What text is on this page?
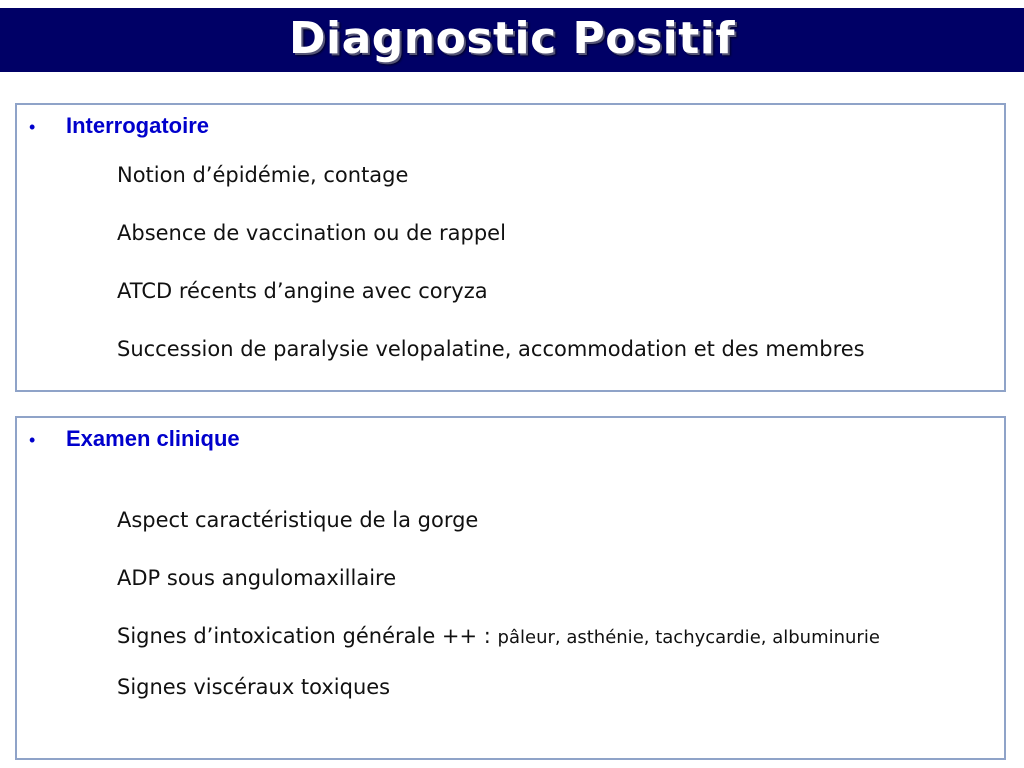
Diagnostic Positif
•	Interrogatoire
Notion d’épidémie, contage
Absence de vaccination ou de rappel
ATCD récents d’angine avec coryza
Succession de paralysie velopalatine, accommodation et des membres
•	Examen clinique
Aspect caractéristique de la gorge
ADP sous angulomaxillaire
Signes d’intoxication générale ++ : pâleur, asthénie, tachycardie, albuminurie
Signes viscéraux toxiques
